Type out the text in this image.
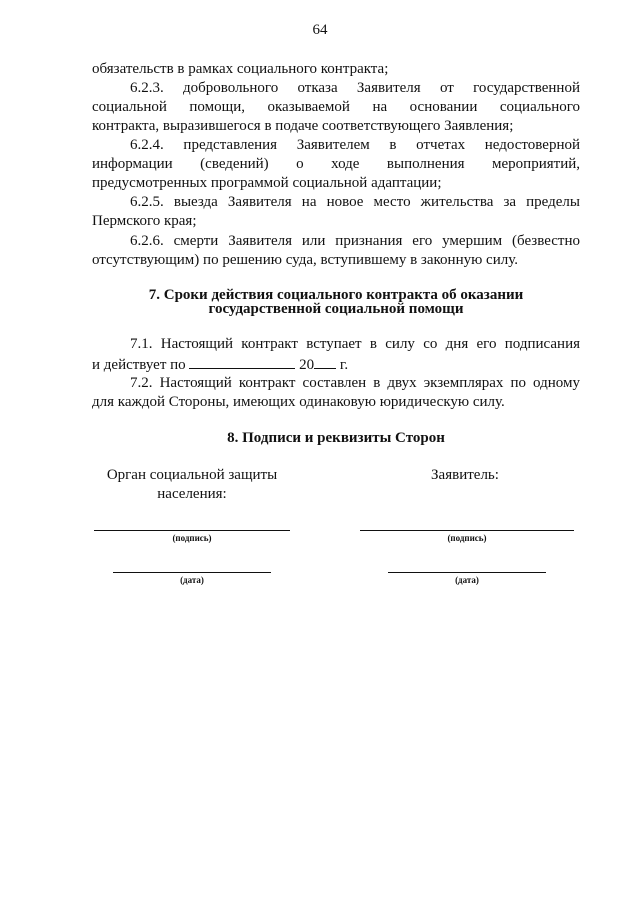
64
обязательств в рамках социального контракта;
6.2.3. добровольного отказа Заявителя от государственной
социальной помощи, оказываемой на основании социального
контракта, выразившегося в подаче соответствующего Заявления;
6.2.4. представления Заявителем в отчетах недостоверной
информации (сведений) о ходе выполнения мероприятий,
предусмотренных программой социальной адаптации;
6.2.5. выезда Заявителя на новое место жительства за пределы
Пермского края;
6.2.6. смерти Заявителя или признания его умершим (безвестно
отсутствующим) по решению суда, вступившему в законную силу.
7. Сроки действия социального контракта об оказании
государственной социальной помощи
7.1. Настоящий контракт вступает в силу со дня его подписания
и действует по	20 г.
7.2. Настоящий контракт составлен в двух экземплярах по одному
для каждой Стороны, имеющих одинаковую юридическую силу.
8. Подписи и реквизиты Сторон
Орган социальной защиты
населения:
Заявитель:
(подпись)	(подпись)
(дата)	(дата)
